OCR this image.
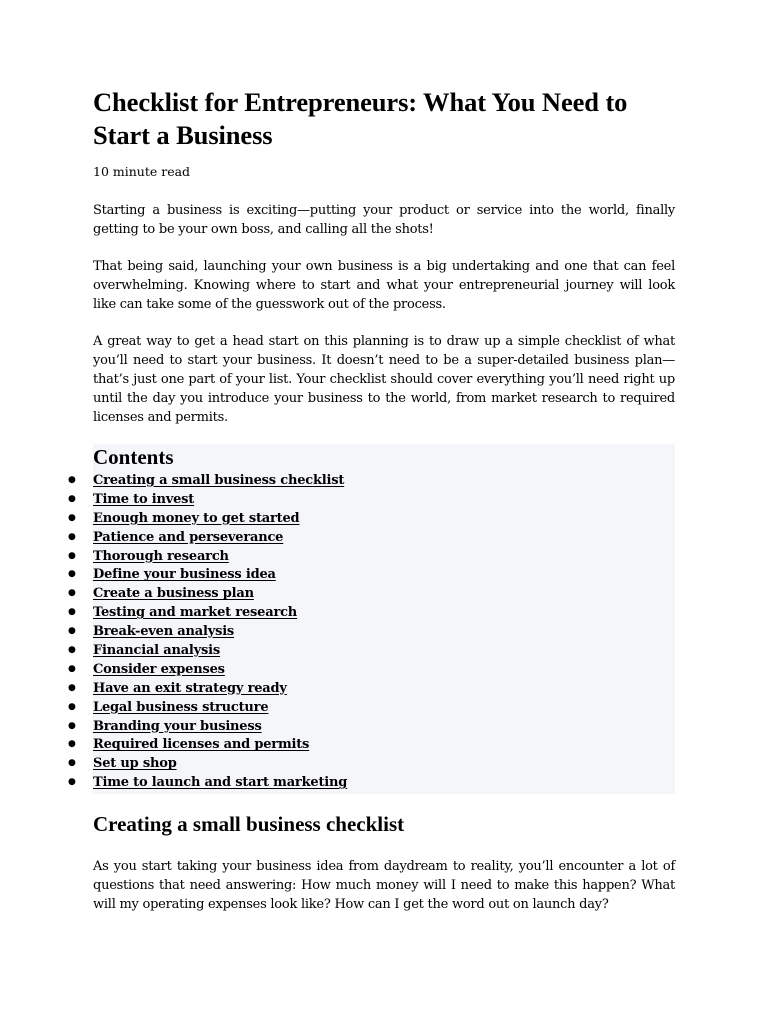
Checklist for Entrepreneurs: What You Need to Start a Business
10 minute read

Starting a business is exciting—putting your product or service into the world, finally getting to be your own boss, and calling all the shots!

That being said, launching your own business is a big undertaking and one that can feel overwhelming. Knowing where to start and what your entrepreneurial journey will look like can take some of the guesswork out of the process.

A great way to get a head start on this planning is to draw up a simple checklist of what you’ll need to start your business. It doesn’t need to be a super-detailed business plan—that’s just one part of your list. Your checklist should cover everything you’ll need right up until the day you introduce your business to the world, from market research to required licenses and permits.

Contents
● Creating a small business checklist
● Time to invest
● Enough money to get started
● Patience and perseverance
● Thorough research
● Define your business idea
● Create a business plan
● Testing and market research
● Break-even analysis
● Financial analysis
● Consider expenses
● Have an exit strategy ready
● Legal business structure
● Branding your business
● Required licenses and permits
● Set up shop
● Time to launch and start marketing
Creating a small business checklist

As you start taking your business idea from daydream to reality, you’ll encounter a lot of questions that need answering: How much money will I need to make this happen? What will my operating expenses look like? How can I get the word out on launch day?
